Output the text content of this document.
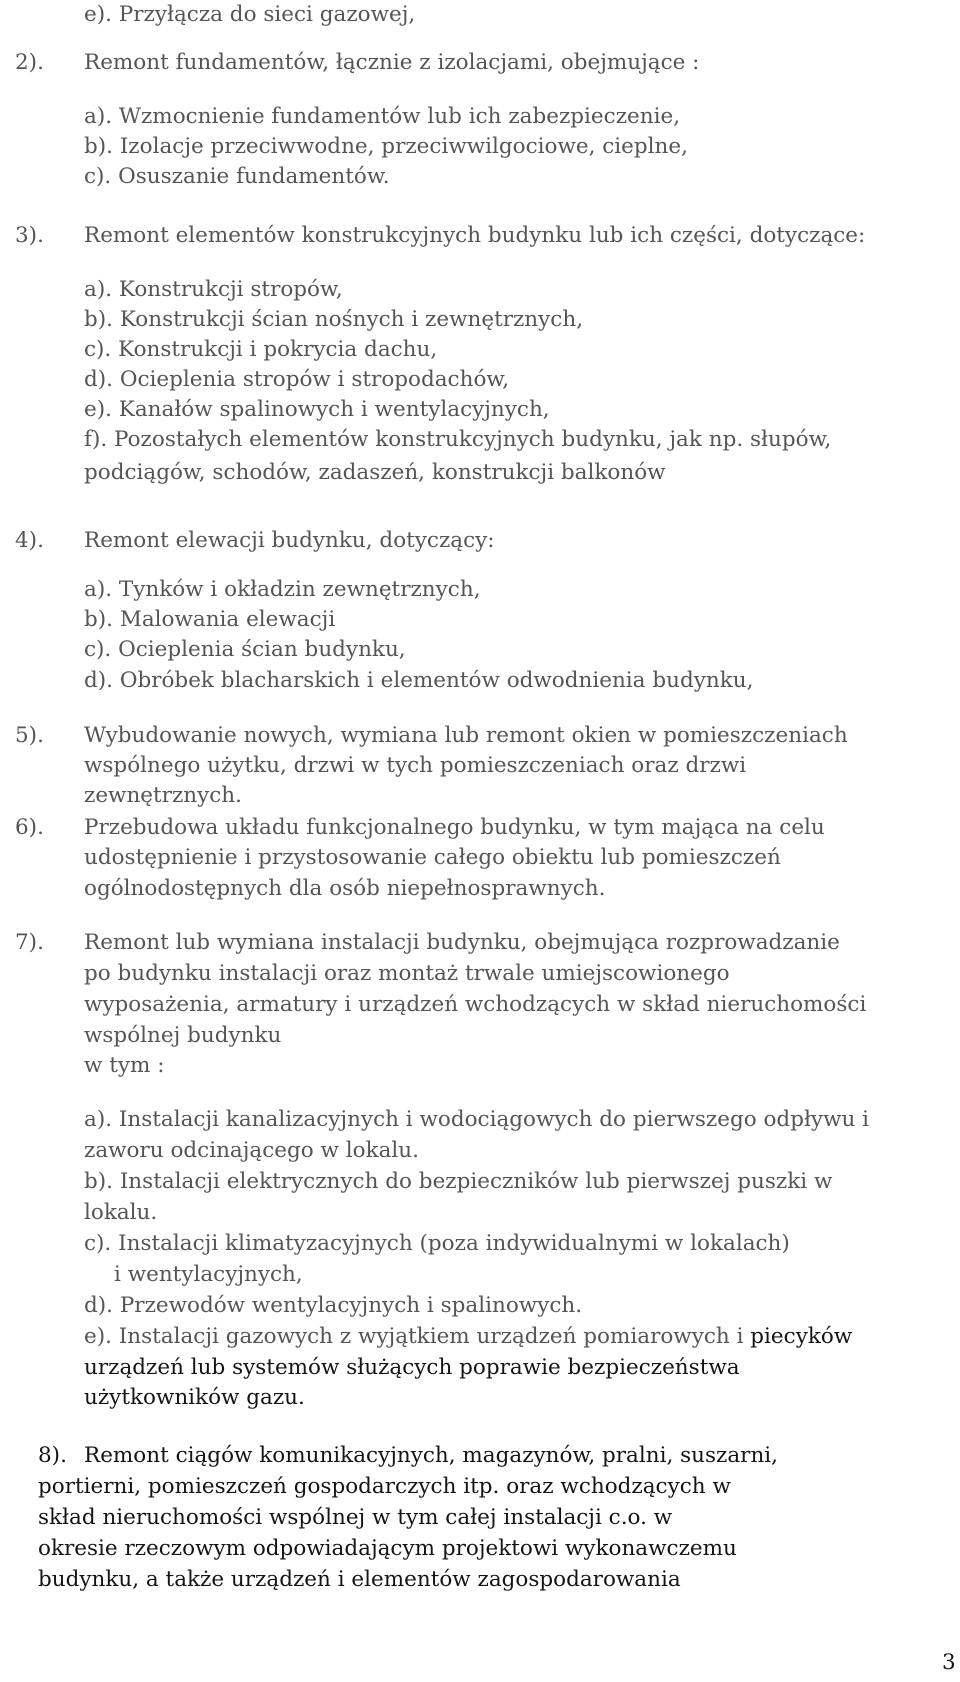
e). Przyłącza do sieci gazowej,
2). Remont fundamentów, łącznie z izolacjami, obejmujące :
a). Wzmocnienie fundamentów lub ich zabezpieczenie,
b). Izolacje przeciwwodne, przeciwwilgociowe, cieplne,
c). Osuszanie fundamentów.
3). Remont elementów konstrukcyjnych budynku lub ich części, dotyczące:
a). Konstrukcji stropów,
b). Konstrukcji ścian nośnych i zewnętrznych,
c). Konstrukcji i pokrycia dachu,
d). Ocieplenia stropów i stropodachów,
e). Kanałów spalinowych i wentylacyjnych,
f). Pozostałych elementów konstrukcyjnych budynku, jak np. słupów,
podciągów, schodów, zadaszeń, konstrukcji balkonów
4). Remont elewacji budynku, dotyczący:
a). Tynków i okładzin zewnętrznych,
b). Malowania elewacji
c). Ocieplenia ścian budynku,
d). Obróbek blacharskich i elementów odwodnienia budynku,
5). Wybudowanie nowych, wymiana lub remont okien w pomieszczeniach
wspólnego użytku, drzwi w tych pomieszczeniach oraz drzwi
zewnętrznych.
6). Przebudowa układu funkcjonalnego budynku, w tym mająca na celu
udostępnienie i przystosowanie całego obiektu lub pomieszczeń
ogólnodostępnych dla osób niepełnosprawnych.
7). Remont lub wymiana instalacji budynku, obejmująca rozprowadzanie
po budynku instalacji oraz montaż trwale umiejscowionego
wyposażenia, armatury i urządzeń wchodzących w skład nieruchomości
wspólnej budynku
w tym :
a). Instalacji kanalizacyjnych i wodociągowych do pierwszego odpływu i
zaworu odcinającego w lokalu.
b). Instalacji elektrycznych do bezpieczników lub pierwszej puszki w
lokalu.
c). Instalacji klimatyzacyjnych (poza indywidualnymi w lokalach)
i wentylacyjnych,
d). Przewodów wentylacyjnych i spalinowych.
e). Instalacji gazowych z wyjątkiem urządzeń pomiarowych i piecyków
urządzeń lub systemów służących poprawie bezpieczeństwa
użytkowników gazu.
8). Remont ciągów komunikacyjnych, magazynów, pralni, suszarni,
portierni, pomieszczeń gospodarczych itp. oraz wchodzących w
skład nieruchomości wspólnej w tym całej instalacji c.o. w
okresie rzeczowym odpowiadającym projektowi wykonawczemu
budynku, a także urządzeń i elementów zagospodarowania
3
